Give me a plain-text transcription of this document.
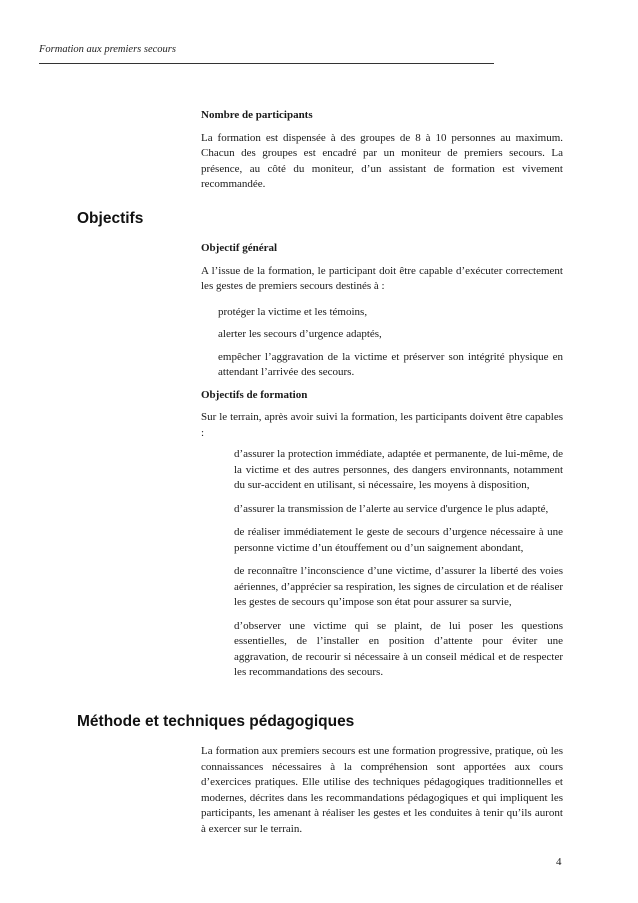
Formation aux premiers secours
Nombre de participants

La formation est dispensée à des groupes de 8 à 10 personnes au maximum. Chacun des groupes est encadré par un moniteur de premiers secours. La présence, au côté du moniteur, d’un assistant de formation est vivement recommandée.

Objectifs
Objectif général

A l’issue de la formation, le participant doit être capable d’exécuter correctement les gestes de premiers secours destinés à :

protéger la victime et les témoins,
alerter les secours d’urgence adaptés,
empêcher l’aggravation de la victime et préserver son intégrité physique en attendant l’arrivée des secours.
Objectifs de formation

Sur le terrain, après avoir suivi la formation, les participants doivent être capables :

d’assurer la protection immédiate, adaptée et permanente, de lui-même, de la victime et des autres personnes, des dangers environnants, notamment du sur-accident en utilisant, si nécessaire, les moyens à disposition,
d’assurer la transmission de l’alerte au service d'urgence le plus adapté,
de réaliser immédiatement le geste de secours d’urgence nécessaire à une personne victime d’un étouffement ou d’un saignement abondant,
de reconnaître l’inconscience d’une victime, d’assurer la liberté des voies aériennes, d’apprécier sa respiration, les signes de circulation et de réaliser les gestes de secours qu’impose son état pour assurer sa survie,
d’observer une victime qui se plaint, de lui poser les questions essentielles, de l’installer en position d’attente pour éviter une aggravation, de recourir si nécessaire à un conseil médical et de respecter les recommandations des secours.
Méthode et techniques pédagogiques

La formation aux premiers secours est une formation progressive, pratique, où les connaissances nécessaires à la compréhension sont apportées aux cours d’exercices pratiques. Elle utilise des techniques pédagogiques traditionnelles et modernes, décrites dans les recommandations pédagogiques et qui impliquent les participants, les amenant à réaliser les gestes et les conduites à tenir qu’ils auront à exercer sur le terrain.

4
